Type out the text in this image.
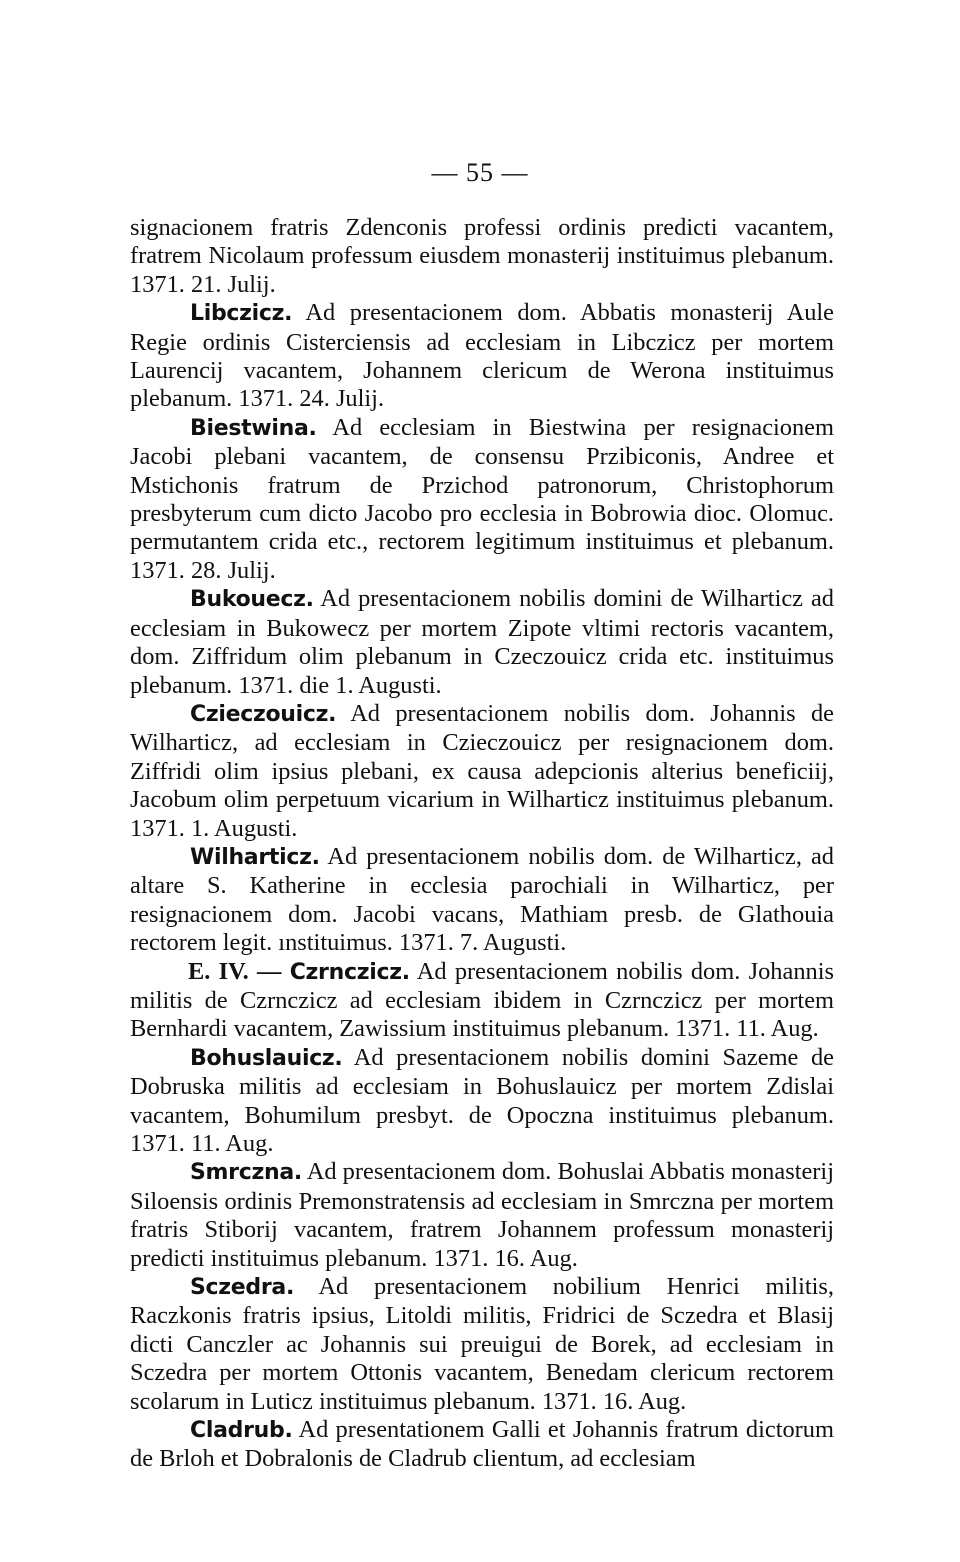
— 55 —

signacionem fratris Zdenconis professi ordinis predicti vacantem, fratrem Nicolaum professum eiusdem monasterij instituimus plebanum. 1371. 21. Julij.

Libczicz. Ad presentacionem dom. Abbatis monasterij Aule Regie ordinis Cisterciensis ad ecclesiam in Libczicz per mortem Laurencij vacantem, Johannem clericum de Werona instituimus plebanum. 1371. 24. Julij.

Biestwina. Ad ecclesiam in Biestwina per resignacionem Jacobi plebani vacantem, de consensu Przibiconis, Andree et Mstichonis fratrum de Przichod patronorum, Christophorum presbyterum cum dicto Jacobo pro ecclesia in Bobrowia dioc. Olomuc. permutantem crida etc., rectorem legitimum instituimus et plebanum. 1371. 28. Julij.

Bukouecz. Ad presentacionem nobilis domini de Wilharticz ad ecclesiam in Bukowecz per mortem Zipote vltimi rectoris vacantem, dom. Ziffridum olim plebanum in Czeczouicz crida etc. instituimus plebanum. 1371. die 1. Augusti.

Czieczouicz. Ad presentacionem nobilis dom. Johannis de Wilharticz, ad ecclesiam in Czieczouicz per resignacionem dom. Ziffridi olim ipsius plebani, ex causa adepcionis alterius beneficiij, Jacobum olim perpetuum vicarium in Wilharticz instituimus plebanum. 1371. 1. Augusti.

Wilharticz. Ad presentacionem nobilis dom. de Wilharticz, ad altare S. Katherine in ecclesia parochiali in Wilharticz, per resignacionem dom. Jacobi vacans, Mathiam presb. de Glathouia rectorem legit. ınstituimus. 1371. 7. Augusti.

E. IV. — Czrnczicz. Ad presentacionem nobilis dom. Johannis militis de Czrnczicz ad ecclesiam ibidem in Czrnczicz per mortem Bernhardi vacantem, Zawissium instituimus plebanum. 1371. 11. Aug.

Bohuslauicz. Ad presentacionem nobilis domini Sazeme de Dobruska militis ad ecclesiam in Bohuslauicz per mortem Zdislai vacantem, Bohumilum presbyt. de Opoczna instituimus plebanum. 1371. 11. Aug.

Smrczna. Ad presentacionem dom. Bohuslai Abbatis monasterij Siloensis ordinis Premonstratensis ad ecclesiam in Smrczna per mortem fratris Stiborij vacantem, fratrem Johannem professum monasterij predicti instituimus plebanum. 1371. 16. Aug.

Sczedra. Ad presentacionem nobilium Henrici militis, Raczkonis fratris ipsius, Litoldi militis, Fridrici de Sczedra et Blasij dicti Canczler ac Johannis sui preuigui de Borek, ad ecclesiam in Sczedra per mortem Ottonis vacantem, Benedam clericum rectorem scolarum in Luticz instituimus plebanum. 1371. 16. Aug.

Cladrub. Ad presentationem Galli et Johannis fratrum dictorum de Brloh et Dobralonis de Cladrub clientum, ad ecclesiam
